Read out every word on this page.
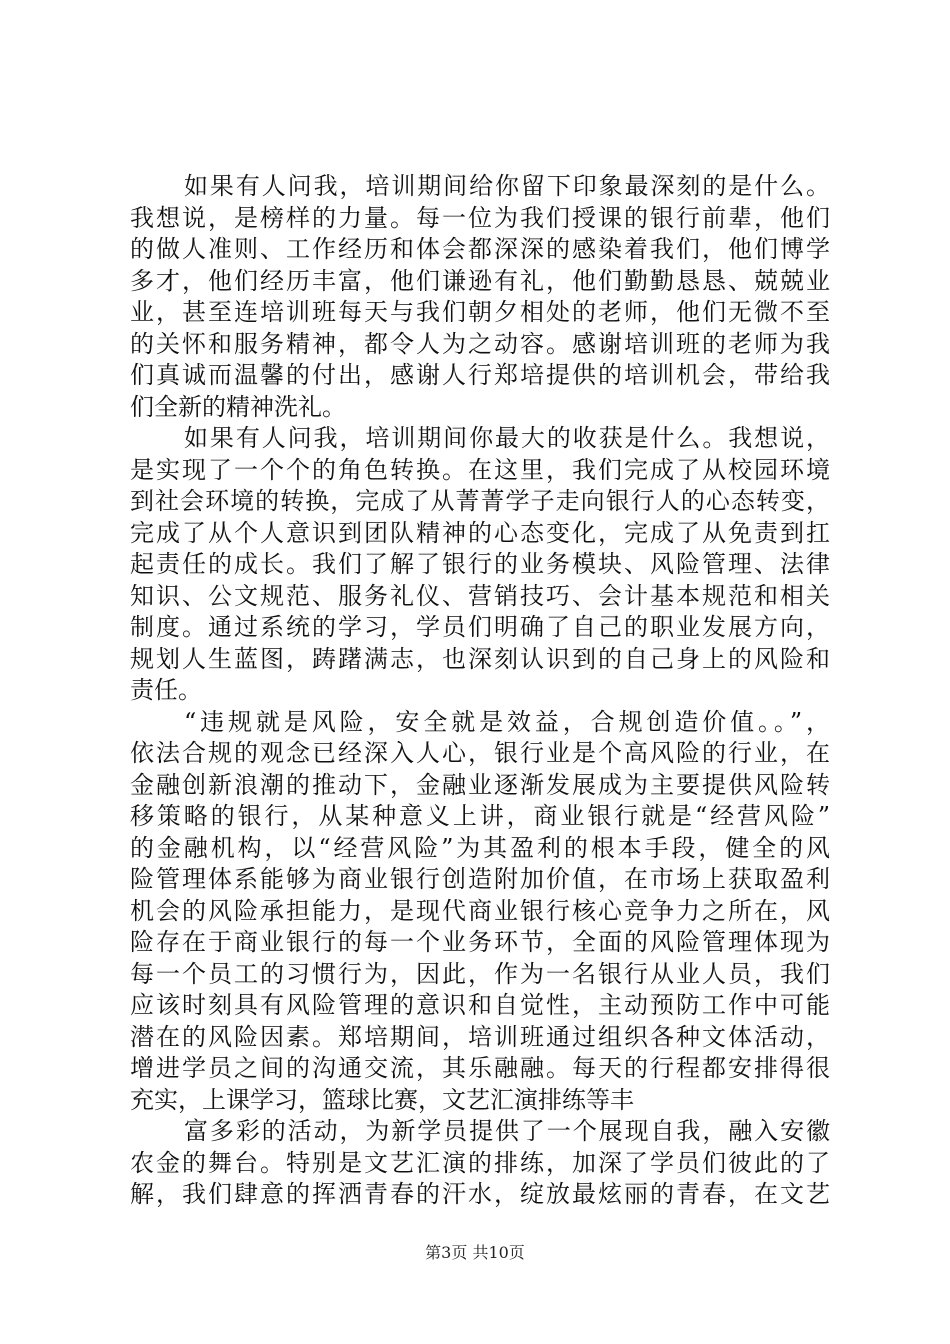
如果有人问我，培训期间给你留下印象最深刻的是什么。
我想说，是榜样的力量。每一位为我们授课的银行前辈，他们
的做人准则、工作经历和体会都深深的感染着我们，他们博学
多才，他们经历丰富，他们谦逊有礼，他们勤勤恳恳、兢兢业
业，甚至连培训班每天与我们朝夕相处的老师，他们无微不至
的关怀和服务精神，都令人为之动容。感谢培训班的老师为我
们真诚而温馨的付出，感谢人行郑培提供的培训机会，带给我
们全新的精神洗礼。
如果有人问我，培训期间你最大的收获是什么。我想说，
是实现了一个个的角色转换。在这里，我们完成了从校园环境
到社会环境的转换，完成了从菁菁学子走向银行人的心态转变，
完成了从个人意识到团队精神的心态变化，完成了从免责到扛
起责任的成长。我们了解了银行的业务模块、风险管理、法律
知识、公文规范、服务礼仪、营销技巧、会计基本规范和相关
制度。通过系统的学习，学员们明确了自己的职业发展方向，
规划人生蓝图，踌躇满志，也深刻认识到的自己身上的风险和
责任。
“违规就是风险，安全就是效益，合规创造价值。。”，
依法合规的观念已经深入人心，银行业是个高风险的行业，在
金融创新浪潮的推动下，金融业逐渐发展成为主要提供风险转
移策略的银行，从某种意义上讲，商业银行就是“经营风险”
的金融机构，以“经营风险”为其盈利的根本手段，健全的风
险管理体系能够为商业银行创造附加价值，在市场上获取盈利
机会的风险承担能力，是现代商业银行核心竞争力之所在，风
险存在于商业银行的每一个业务环节，全面的风险管理体现为
每一个员工的习惯行为，因此，作为一名银行从业人员，我们
应该时刻具有风险管理的意识和自觉性，主动预防工作中可能
潜在的风险因素。郑培期间，培训班通过组织各种文体活动，
增进学员之间的沟通交流，其乐融融。每天的行程都安排得很
充实，上课学习，篮球比赛，文艺汇演排练等丰
富多彩的活动，为新学员提供了一个展现自我，融入安徽
农金的舞台。特别是文艺汇演的排练，加深了学员们彼此的了
解，我们肆意的挥洒青春的汗水，绽放最炫丽的青春，在文艺
第3页 共10页
